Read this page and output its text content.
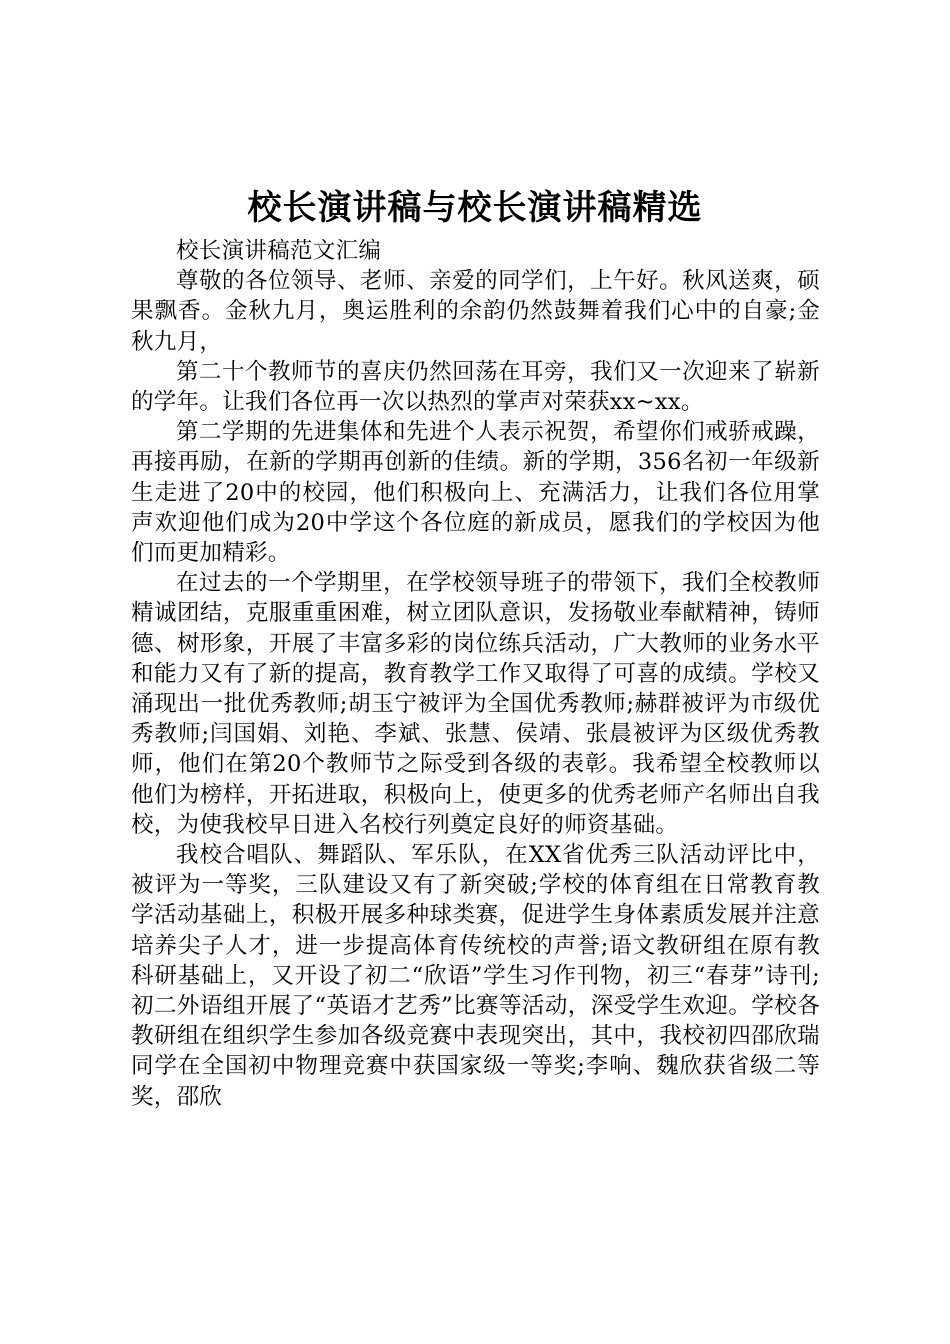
校长演讲稿与校长演讲稿精选

校长演讲稿范文汇编

尊敬的各位领导、老师、亲爱的同学们，上午好。秋风送爽，硕果飘香。金秋九月，奥运胜利的余韵仍然鼓舞着我们心中的自豪;金秋九月，

第二十个教师节的喜庆仍然回荡在耳旁，我们又一次迎来了崭新的学年。让我们各位再一次以热烈的掌声对荣获xx~xx。

第二学期的先进集体和先进个人表示祝贺，希望你们戒骄戒躁，再接再励，在新的学期再创新的佳绩。新的学期，356名初一年级新生走进了20中的校园，他们积极向上、充满活力，让我们各位用掌声欢迎他们成为20中学这个各位庭的新成员，愿我们的学校因为他们而更加精彩。

在过去的一个学期里，在学校领导班子的带领下，我们全校教师精诚团结，克服重重困难，树立团队意识，发扬敬业奉献精神，铸师德、树形象，开展了丰富多彩的岗位练兵活动，广大教师的业务水平和能力又有了新的提高，教育教学工作又取得了可喜的成绩。学校又涌现出一批优秀教师;胡玉宁被评为全国优秀教师;赫群被评为市级优秀教师;闫国娟、刘艳、李斌、张慧、侯靖、张晨被评为区级优秀教师，他们在第20个教师节之际受到各级的表彰。我希望全校教师以他们为榜样，开拓进取，积极向上，使更多的优秀老师产名师出自我校，为使我校早日进入名校行列奠定良好的师资基础。

我校合唱队、舞蹈队、军乐队，在XX省优秀三队活动评比中，被评为一等奖，三队建设又有了新突破;学校的体育组在日常教育教学活动基础上，积极开展多种球类赛，促进学生身体素质发展并注意培养尖子人才，进一步提高体育传统校的声誉;语文教研组在原有教科研基础上，又开设了初二“欣语”学生习作刊物，初三“春芽”诗刊;初二外语组开展了“英语才艺秀”比赛等活动，深受学生欢迎。学校各教研组在组织学生参加各级竞赛中表现突出，其中，我校初四邵欣瑞同学在全国初中物理竞赛中获国家级一等奖;李响、魏欣获省级二等奖，邵欣
